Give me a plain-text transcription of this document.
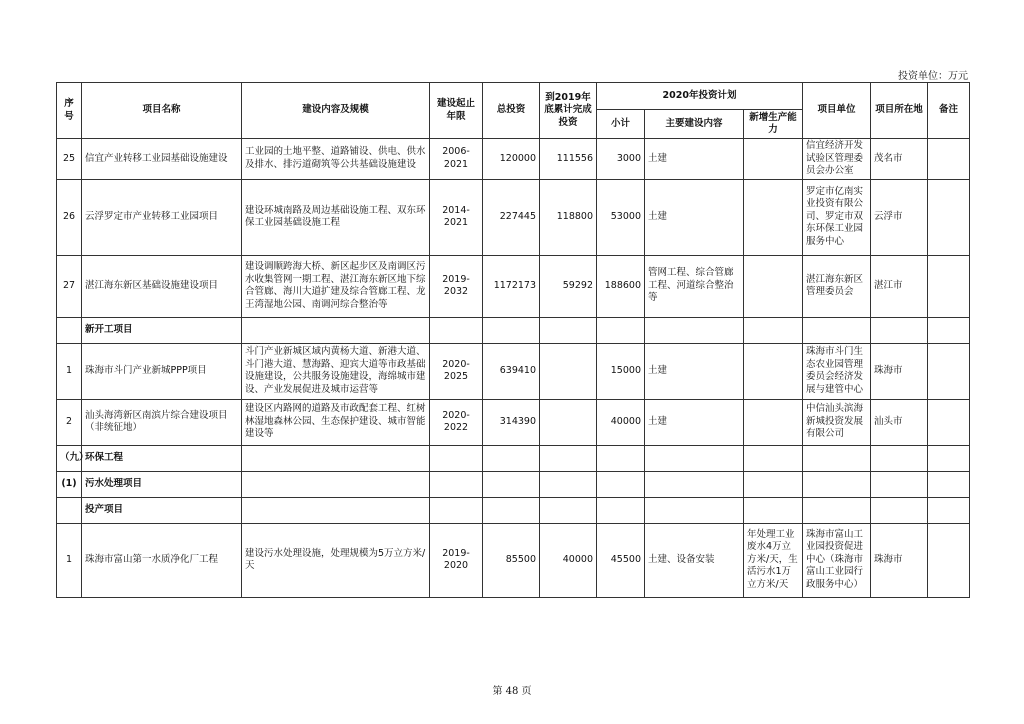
投资单位：万元
序号	项目名称	建设内容及规模	建设起止年限	总投资	到2019年底累计完成投资	2020年投资计划			项目单位	项目所在地	备注
						小计	主要建设内容	新增生产能力			
25	信宜产业转移工业园基础设施建设	工业园的土地平整、道路铺设、供电、供水及排水、排污道砌筑等公共基础设施建设	2006-2021	120000	111556	3000	土建		信宜经济开发试验区管理委员会办公室	茂名市	
26	云浮罗定市产业转移工业园项目	建设环城南路及周边基础设施工程、双东环保工业园基础设施工程	2014-2021	227445	118800	53000	土建		罗定市亿南实业投资有限公司、罗定市双东环保工业园服务中心	云浮市	
27	湛江海东新区基础设施建设项目	建设调顺跨海大桥、新区起步区及南调区污水收集管网一期工程、湛江海东新区地下综合管廊、海川大道扩建及综合管廊工程、龙王湾湿地公园、南调河综合整治等	2019-2032	1172173	59292	188600	管网工程、综合管廊工程、河道综合整治等		湛江海东新区管理委员会	湛江市	
	新开工项目										
1	珠海市斗门产业新城PPP项目	斗门产业新城区域内黄杨大道、新港大道、斗门港大道、慧海路、迎宾大道等市政基础设施建设，公共服务设施建设，海绵城市建设、产业发展促进及城市运营等	2020-2025	639410		15000	土建		珠海市斗门生态农业园管理委员会经济发展与建管中心	珠海市	
2	汕头海湾新区南滨片综合建设项目（非统征地）	建设区内路网的道路及市政配套工程、红树林湿地森林公园、生态保护建设、城市智能建设等	2020-2022	314390		40000	土建		中信汕头滨海新城投资发展有限公司	汕头市	
（九）	环保工程										
(1)	污水处理项目										
	投产项目										
1	珠海市富山第一水质净化厂工程	建设污水处理设施，处理规模为5万立方米/天	2019-2020	85500	40000	45500	土建、设备安装	年处理工业废水4万立方米/天，生活污水1万立方米/天	珠海市富山工业园投资促进中心（珠海市富山工业园行政服务中心）	珠海市	
第 48 页
